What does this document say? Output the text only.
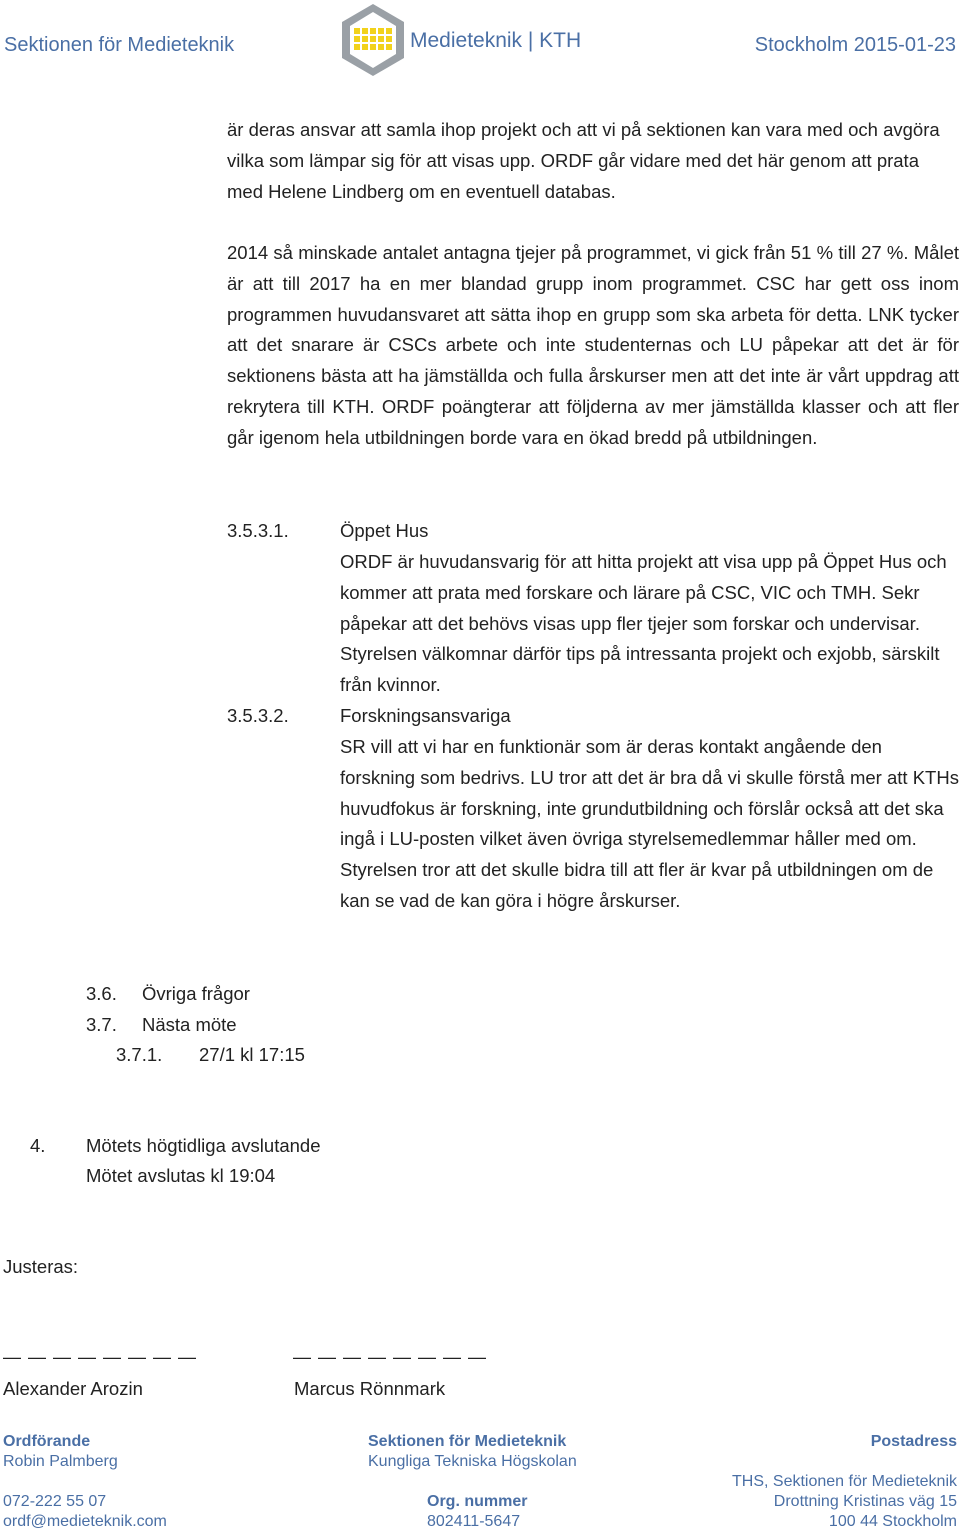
Sektionen för Medieteknik	Medieteknik | KTH	Stockholm 2015-01-23
är deras ansvar att samla ihop projekt och att vi på sektionen kan vara med och avgöra vilka som lämpar sig för att visas upp. ORDF går vidare med det här genom att prata med Helene Lindberg om en eventuell databas.
2014 så minskade antalet antagna tjejer på programmet, vi gick från 51 % till 27 %. Målet är att till 2017 ha en mer blandad grupp inom programmet. CSC har gett oss inom programmen huvudansvaret att sätta ihop en grupp som ska arbeta för detta. LNK tycker att det snarare är CSCs arbete och inte studenternas och LU påpekar att det är för sektionens bästa att ha jämställda och fulla årskurser men att det inte är vårt uppdrag att rekrytera till KTH. ORDF poängterar att följderna av mer jämställda klasser och att fler går igenom hela utbildningen borde vara en ökad bredd på utbildningen.
3.5.3.1.	Öppet Hus
ORDF är huvudansvarig för att hitta projekt att visa upp på Öppet Hus och kommer att prata med forskare och lärare på CSC, VIC och TMH. Sekr påpekar att det behövs visas upp fler tjejer som forskar och undervisar. Styrelsen välkomnar därför tips på intressanta projekt och exjobb, särskilt från kvinnor.
3.5.3.2.	Forskningsansvariga
SR vill att vi har en funktionär som är deras kontakt angående den forskning som bedrivs. LU tror att det är bra då vi skulle förstå mer att KTHs huvudfokus är forskning, inte grundutbildning och förslår också att det ska ingå i LU-posten vilket även övriga styrelsemedlemmar håller med om. Styrelsen tror att det skulle bidra till att fler är kvar på utbildningen om de kan se vad de kan göra i högre årskurser.
3.6. Övriga frågor
3.7. Nästa möte
3.7.1. 27/1 kl 17:15
4. Mötets högtidliga avslutande
Mötet avslutas kl 19:04
Justeras:
— — — — — — — —	— — — — — — — —
Alexander Arozin	Marcus Rönnmark
Ordförande
Robin Palmberg
072-222 55 07
ordf@medieteknik.com
Sektionen för Medieteknik
Kungliga Tekniska Högskolan
Org. nummer
802411-5647
Postadress
THS, Sektionen för Medieteknik
Drottning Kristinas väg 15
100 44 Stockholm
